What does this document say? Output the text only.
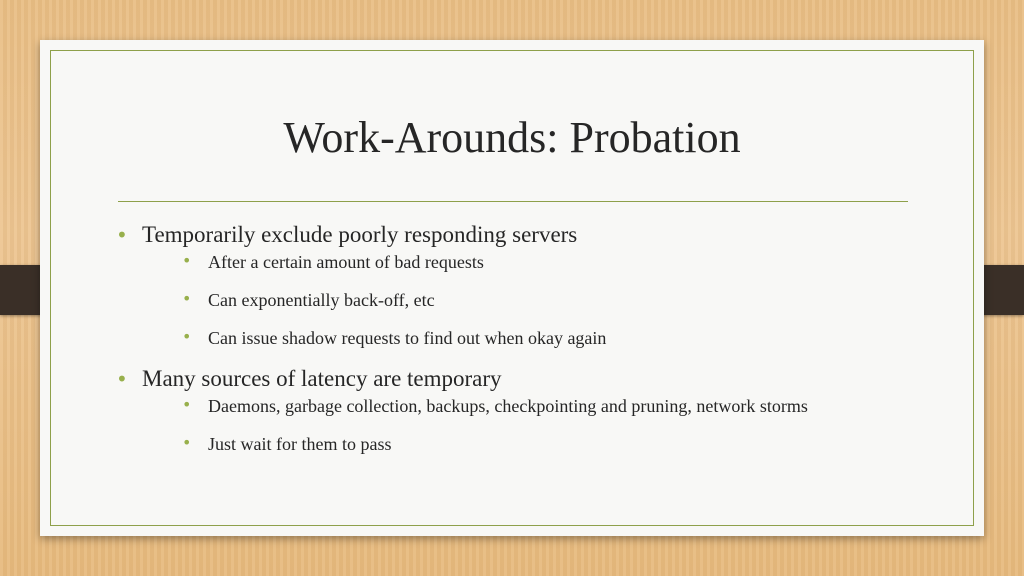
Work-Arounds: Probation
• Temporarily exclude poorly responding servers
• After a certain amount of bad requests
• Can exponentially back-off, etc
• Can issue shadow requests to find out when okay again
• Many sources of latency are temporary
• Daemons, garbage collection, backups, checkpointing and pruning, network storms
• Just wait for them to pass
